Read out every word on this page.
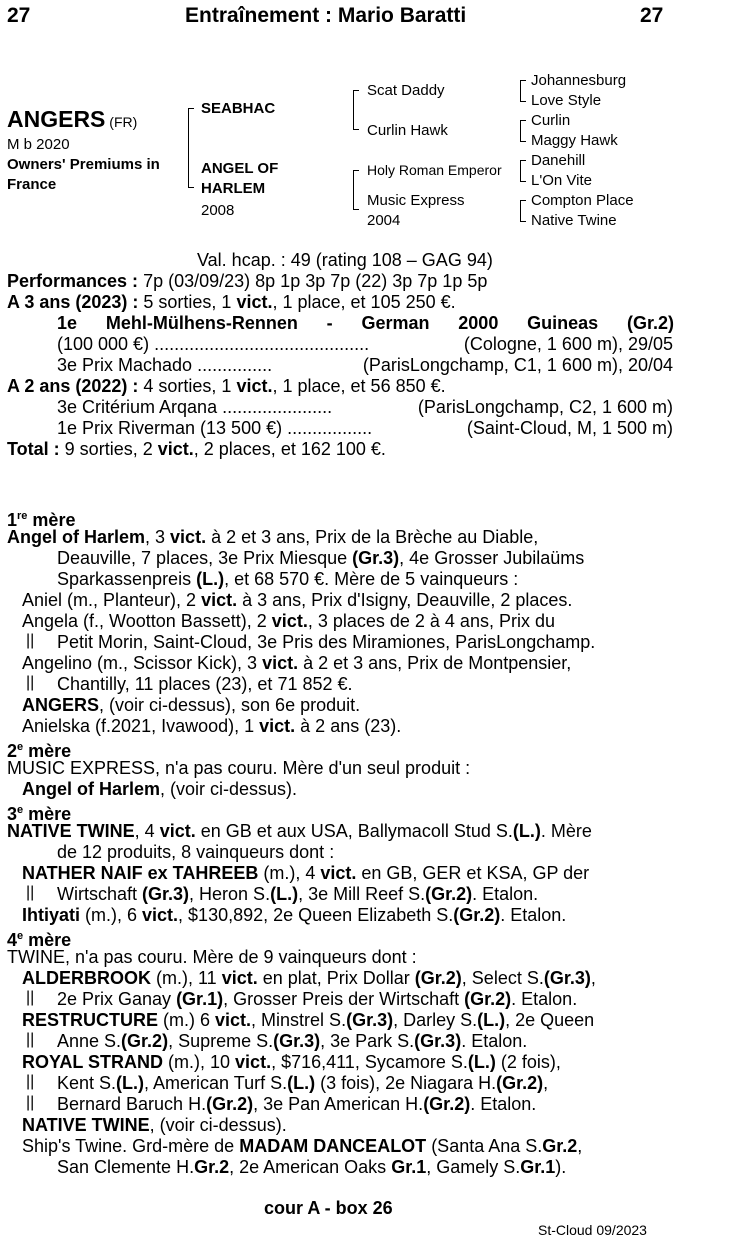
27	Entraînement : Mario Baratti	27
ANGERS (FR)
M b 2020
Owners' Premiums in
France
SEABHAC
ANGEL OF
HARLEM
2008
Scat Daddy
Curlin Hawk
Holy Roman Emperor
Music Express
2004
Johannesburg
Love Style
Curlin
Maggy Hawk
Danehill
L'On Vite
Compton Place
Native Twine
Val. hcap. : 49 (rating 108 – GAG 94)
Performances : 7p (03/09/23) 8p 1p 3p 7p (22) 3p 7p 1p 5p
A 3 ans (2023) : 5 sorties, 1 vict., 1 place, et 105 250 €.
1e Mehl-Mülhens-Rennen - German 2000 Guineas (Gr.2)
(100 000 €) ...........................................	(Cologne, 1 600 m), 29/05
3e Prix Machado ...............	(ParisLongchamp, C1, 1 600 m), 20/04
A 2 ans (2022) : 4 sorties, 1 vict., 1 place, et 56 850 €.
3e Critérium Arqana ......................	(ParisLongchamp, C2, 1 600 m)
1e Prix Riverman (13 500 €) .................	(Saint-Cloud, M, 1 500 m)
Total : 9 sorties, 2 vict., 2 places, et 162 100 €.
1re mère
Angel of Harlem, 3 vict. à 2 et 3 ans, Prix de la Brèche au Diable,
Deauville, 7 places, 3e Prix Miesque (Gr.3), 4e Grosser Jubilaüms
Sparkassenpreis (L.), et 68 570 €. Mère de 5 vainqueurs :
Aniel (m., Planteur), 2 vict. à 3 ans, Prix d'Isigny, Deauville, 2 places.
Angela (f., Wootton Bassett), 2 vict., 3 places de 2 à 4 ans, Prix du
|| Petit Morin, Saint-Cloud, 3e Pris des Miramiones, ParisLongchamp.
Angelino (m., Scissor Kick), 3 vict. à 2 et 3 ans, Prix de Montpensier,
|| Chantilly, 11 places (23), et 71 852 €.
ANGERS, (voir ci-dessus), son 6e produit.
Anielska (f.2021, Ivawood), 1 vict. à 2 ans (23).
2e mère
MUSIC EXPRESS, n'a pas couru. Mère d'un seul produit :
Angel of Harlem, (voir ci-dessus).
3e mère
NATIVE TWINE, 4 vict. en GB et aux USA, Ballymacoll Stud S.(L.). Mère
de 12 produits, 8 vainqueurs dont :
NATHER NAIF ex TAHREEB (m.), 4 vict. en GB, GER et KSA, GP der
|| Wirtschaft (Gr.3), Heron S.(L.), 3e Mill Reef S.(Gr.2). Etalon.
Ihtiyati (m.), 6 vict., $130,892, 2e Queen Elizabeth S.(Gr.2). Etalon.
4e mère
TWINE, n'a pas couru. Mère de 9 vainqueurs dont :
ALDERBROOK (m.), 11 vict. en plat, Prix Dollar (Gr.2), Select S.(Gr.3),
|| 2e Prix Ganay (Gr.1), Grosser Preis der Wirtschaft (Gr.2). Etalon.
RESTRUCTURE (m.) 6 vict., Minstrel S.(Gr.3), Darley S.(L.), 2e Queen
|| Anne S.(Gr.2), Supreme S.(Gr.3), 3e Park S.(Gr.3). Etalon.
ROYAL STRAND (m.), 10 vict., $716,411, Sycamore S.(L.) (2 fois),
|| Kent S.(L.), American Turf S.(L.) (3 fois), 2e Niagara H.(Gr.2),
|| Bernard Baruch H.(Gr.2), 3e Pan American H.(Gr.2). Etalon.
NATIVE TWINE, (voir ci-dessus).
Ship's Twine. Grd-mère de MADAM DANCEALOT (Santa Ana S.Gr.2,
San Clemente H.Gr.2, 2e American Oaks Gr.1, Gamely S.Gr.1).
cour A - box 26
St-Cloud 09/2023
